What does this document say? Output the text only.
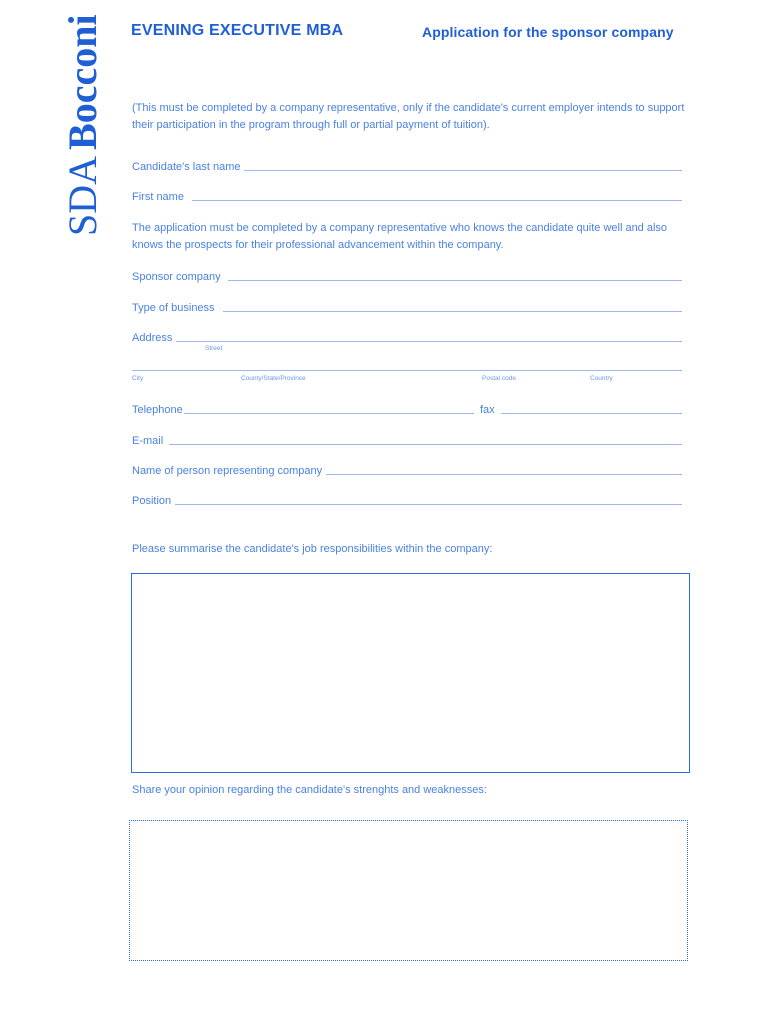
SDABocconi EVENING EXECUTIVE MBA	Application for the sponsor company
(This must be completed by a company representative, only if the candidate's current employer intends to support their participation in the program through full or partial payment of tuition).
Candidate's last name
First name
The application must be completed by a company representative who knows the candidate quite well and also knows the prospects for their professional advancement within the company.
Sponsor company
Type of business
Address
Street
City	County/State/Province	Postal code	Country
Telephone	fax
E-mail
Name of person representing company
Position
Please summarise the candidate's job responsibilities within the company:
Share your opinion regarding the candidate's strenghts and weaknesses:
